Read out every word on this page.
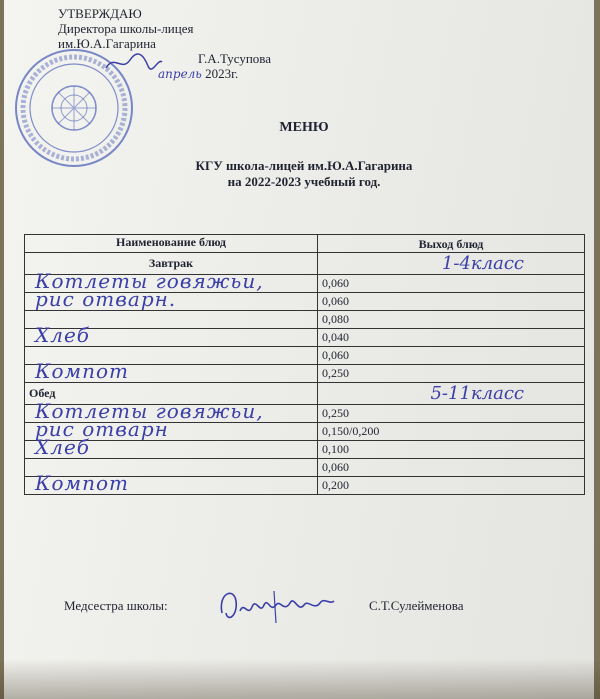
УТВЕРЖДАЮ
Директора школы-лицея
им.Ю.А.Гагарина
Г.А.Тусупова
апрель 2023г.
МЕНЮ
КГУ школа-лицей им.Ю.А.Гагарина
на 2022-2023 учебный год.
Наименование блюд	Выход блюд
Завтрак	1-4класс

Котлеты говяжьи,	0,060

рис отварн.	0,060

	0,080

Хлеб	0,040

	0,060

Компот	0,250
Обед	5-11класс

Котлеты говяжьи,	0,250

рис отварн	0,150/0,200

Хлеб	0,100

	0,060

Компот	0,200
Медсестра школы:	С.Т.Сулейменова
